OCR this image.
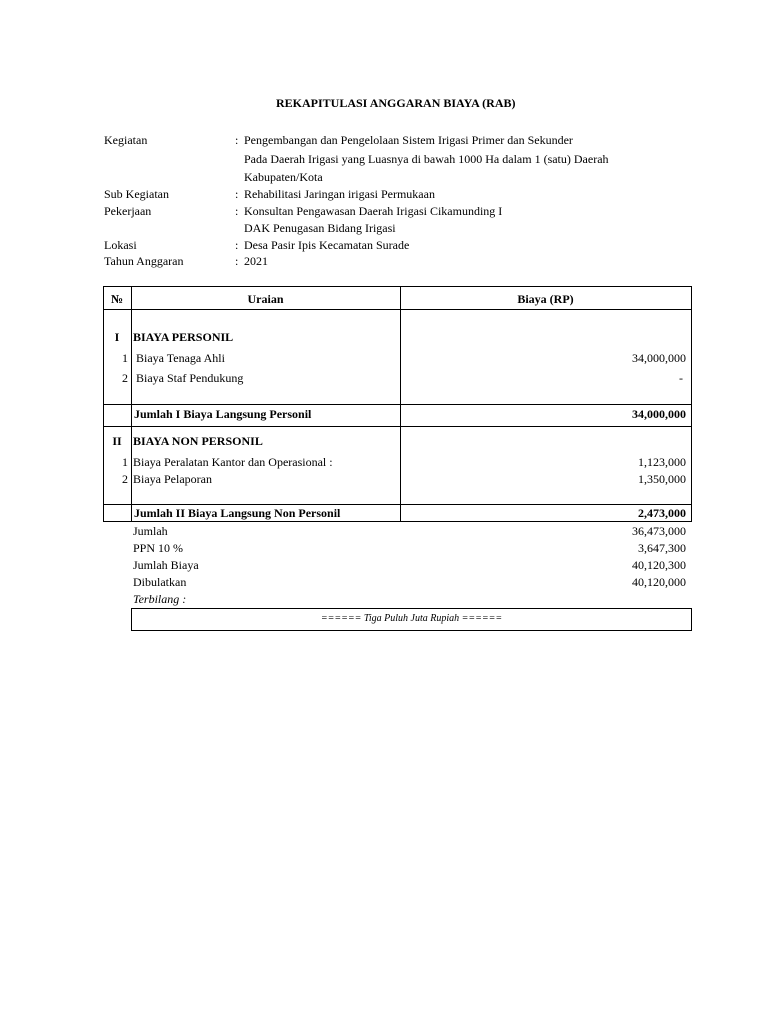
REKAPITULASI ANGGARAN BIAYA (RAB)
Kegiatan	: Pengembangan dan Pengelolaan Sistem Irigasi Primer dan Sekunder
Pada Daerah Irigasi yang Luasnya di bawah 1000 Ha dalam 1 (satu) Daerah
Kabupaten/Kota
Sub Kegiatan	: Rehabilitasi Jaringan irigasi Permukaan
Pekerjaan	: Konsultan Pengawasan Daerah Irigasi Cikamunding I
DAK Penugasan Bidang Irigasi
Lokasi	: Desa Pasir Ipis Kecamatan Surade
Tahun Anggaran	: 2021
№	Uraian	Biaya (RP)
I	BIAYA PERSONIL
1 Biaya Tenaga Ahli	34,000,000
2 Biaya Staf Pendukung	-
Jumlah I Biaya Langsung Personil	34,000,000
II BIAYA NON PERSONIL
1 Biaya Peralatan Kantor dan Operasional :	1,123,000
2 Biaya Pelaporan	1,350,000
Jumlah II Biaya Langsung Non Personil	2,473,000
Jumlah	36,473,000
PPN 10 %	3,647,300
Jumlah Biaya	40,120,300
Dibulatkan	40,120,000
Terbilang :
====== Tiga Puluh Juta Rupiah ======
